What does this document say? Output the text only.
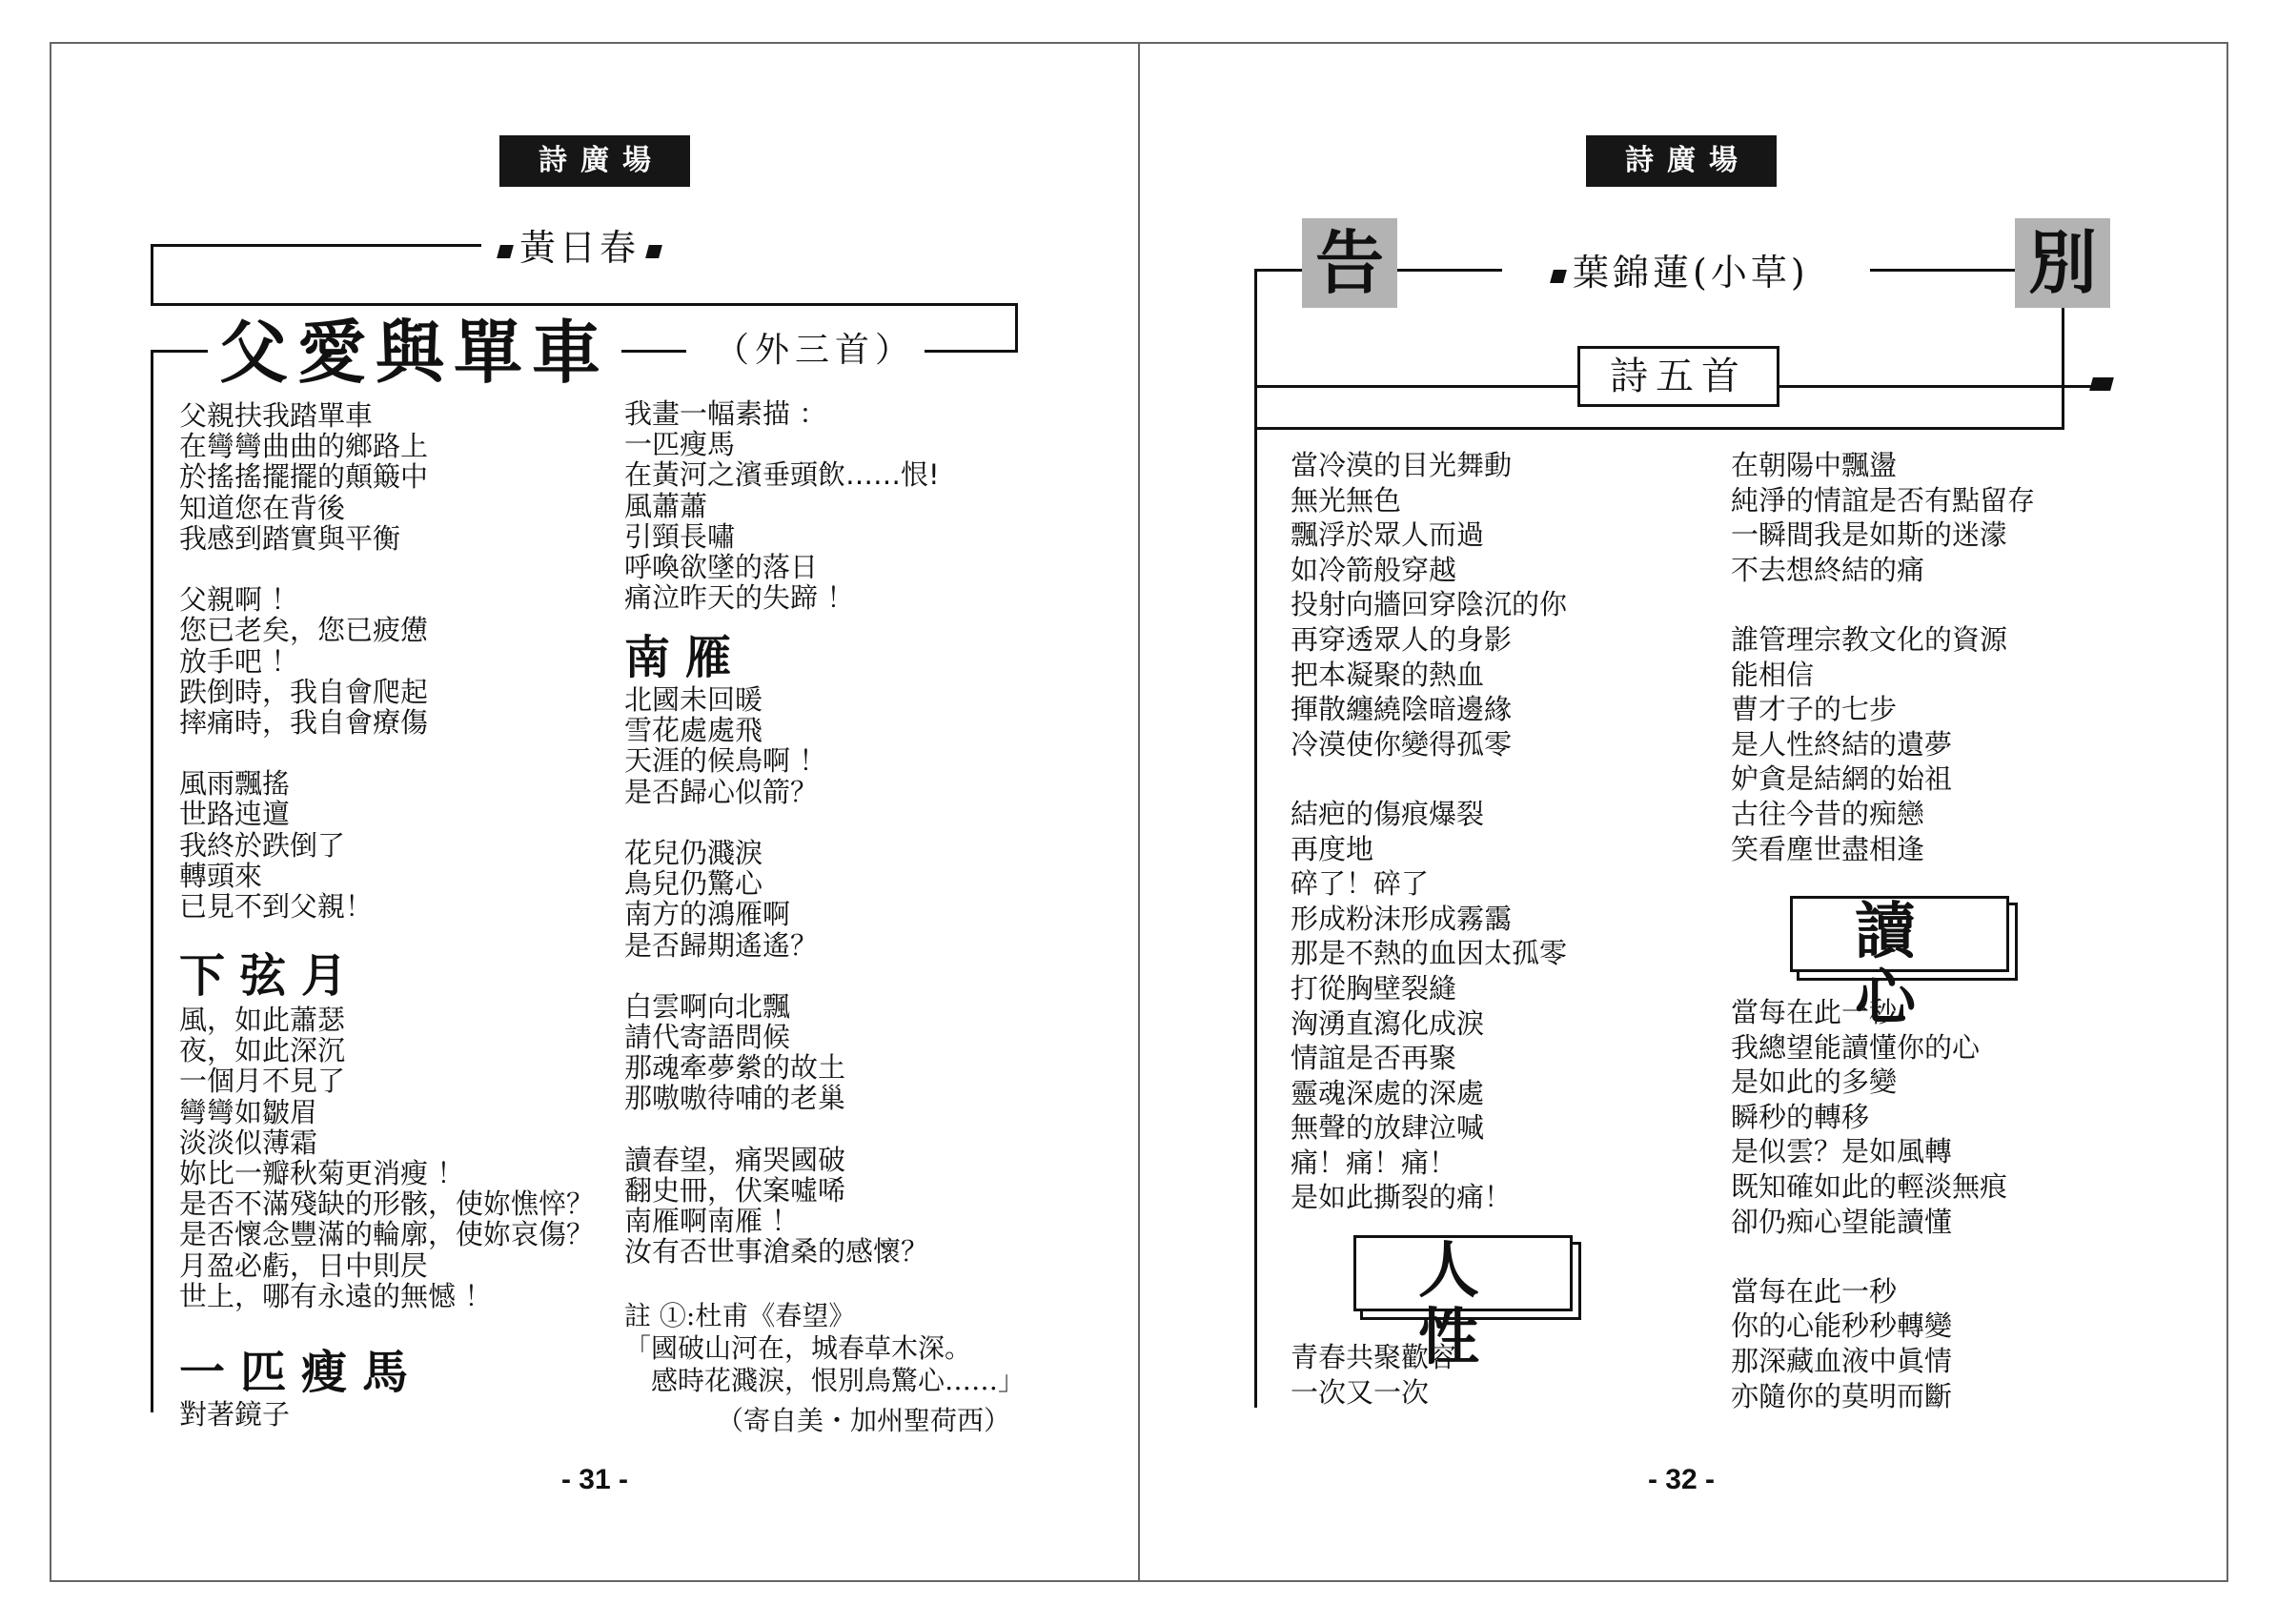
詩廣場
黃日春
父愛與單車	（外三首）
父親扶我踏單車
在彎彎曲曲的鄉路上
於搖搖擺擺的顛簸中
知道您在背後
我感到踏實與平衡
父親啊 ！
您已老矣，您已疲憊
放手吧 ！
跌倒時，我自會爬起
摔痛時，我自會療傷
風雨飄搖
世路迍邅
我終於跌倒了
轉頭來
已見不到父親！
下弦月
風，如此蕭瑟
夜，如此深沉
一個月不見了
彎彎如皺眉
淡淡似薄霜
妳比一瓣秋菊更消瘦 ！
是否不滿殘缺的形骸，使妳憔悴？
是否懷念豐滿的輪廓，使妳哀傷？
月盈必虧，日中則昃
世上，哪有永遠的無憾 ！
一匹瘦馬
對著鏡子
我畫一幅素描 ：
一匹瘦馬
在黃河之濱垂頭飲……恨!
風蕭蕭
引頸長嘯
呼喚欲墜的落日
痛泣昨天的失蹄 ！
南雁
北國未回暖
雪花處處飛
天涯的候鳥啊 ！
是否歸心似箭？
花兒仍濺淚
鳥兒仍驚心
南方的鴻雁啊
是否歸期遙遙？
白雲啊向北飄
請代寄語問候
那魂牽夢縈的故土
那嗷嗷待哺的老巢
讀春望，痛哭國破
翻史冊，伏案噓唏
南雁啊南雁 ！
汝有否世事滄桑的感懷？
註 ①:杜甫《春望》
「國破山河在，城春草木深。
　感時花濺淚，恨別鳥驚心……」
（寄自美・加州聖荷西）
- 31 -
詩廣場
告	別
葉錦蓮(小草)
詩五首
當冷漠的目光舞動
無光無色
飄浮於眾人而過
如冷箭般穿越
投射向牆回穿陰沉的你
再穿透眾人的身影
把本凝聚的熱血
揮散纏繞陰暗邊緣
冷漠使你變得孤零
結疤的傷痕爆裂
再度地
碎了！碎了
形成粉沫形成霧靄
那是不熱的血因太孤零
打從胸壁裂縫
洶湧直瀉化成淚
情誼是否再聚
靈魂深處的深處
無聲的放肆泣喊
痛！痛！痛！
是如此撕裂的痛！
人性
青春共聚歡容
一次又一次
在朝陽中飄盪
純淨的情誼是否有點留存
一瞬間我是如斯的迷濛
不去想終結的痛
誰管理宗教文化的資源
能相信
曹才子的七步
是人性終結的遺夢
妒貪是結網的始祖
古往今昔的痴戀
笑看塵世盡相逢
讀心
當每在此一秒
我總望能讀懂你的心
是如此的多變
瞬秒的轉移
是似雲？是如風轉
既知確如此的輕淡無痕
卻仍痴心望能讀懂
當每在此一秒
你的心能秒秒轉變
那深藏血液中眞情
亦隨你的莫明而斷
- 32 -
